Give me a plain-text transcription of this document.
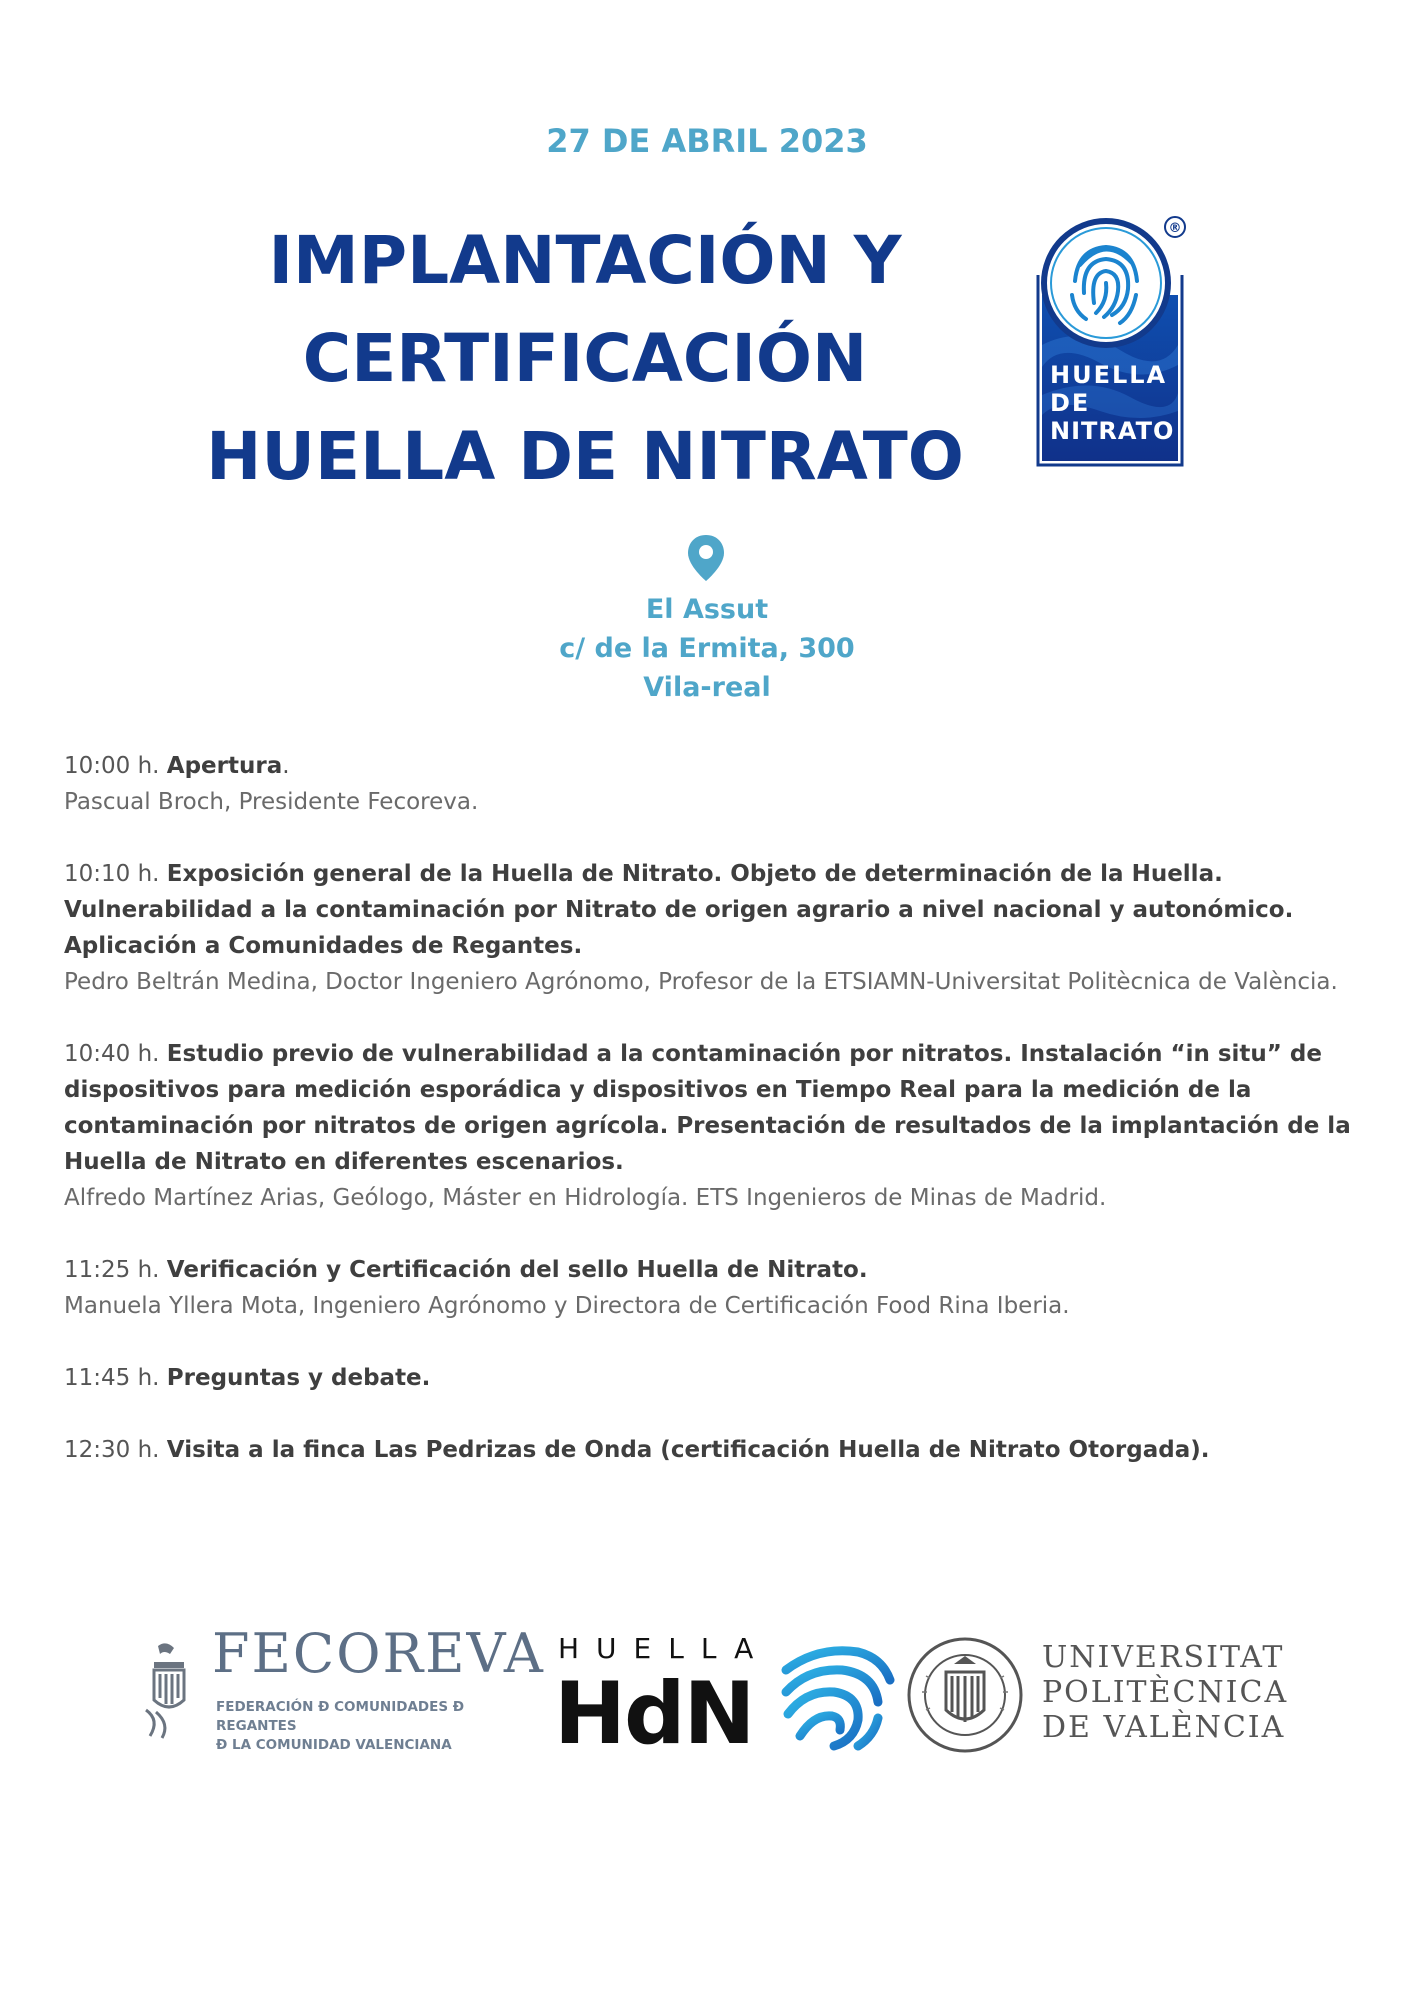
27 DE ABRIL 2023
IMPLANTACIÓN Y
CERTIFICACIÓN
HUELLA DE NITRATO
®
HUELLA
DE
NITRATO
El Assut
c/ de la Ermita, 300
Vila-real
10:00 h. Apertura.
Pascual Broch, Presidente Fecoreva.
10:10 h. Exposición general de la Huella de Nitrato. Objeto de determinación de la Huella. Vulnerabilidad a la contaminación por Nitrato de origen agrario a nivel nacional y autonómico. Aplicación a Comunidades de Regantes.
Pedro Beltrán Medina, Doctor Ingeniero Agrónomo, Profesor de la ETSIAMN-Universitat Politècnica de València.
10:40 h. Estudio previo de vulnerabilidad a la contaminación por nitratos. Instalación “in situ” de dispositivos para medición esporádica y dispositivos en Tiempo Real para la medición de la contaminación por nitratos de origen agrícola. Presentación de resultados de la implantación de la Huella de Nitrato en diferentes escenarios.
Alfredo Martínez Arias, Geólogo, Máster en Hidrología. ETS Ingenieros de Minas de Madrid.
11:25 h. Verificación y Certificación del sello Huella de Nitrato.
Manuela Yllera Mota, Ingeniero Agrónomo y Directora de Certificación Food Rina Iberia.
11:45 h. Preguntas y debate.
12:30 h. Visita a la finca Las Pedrizas de Onda (certificación Huella de Nitrato Otorgada).
FECOREVA
FEDERACIÓN Ð COMUNIDADES Ð REGANTES
Ð LA COMUNIDAD VALENCIANA
HUELLA
HdN
UNIVERSITAT
POLITÈCNICA
DE VALÈNCIA
